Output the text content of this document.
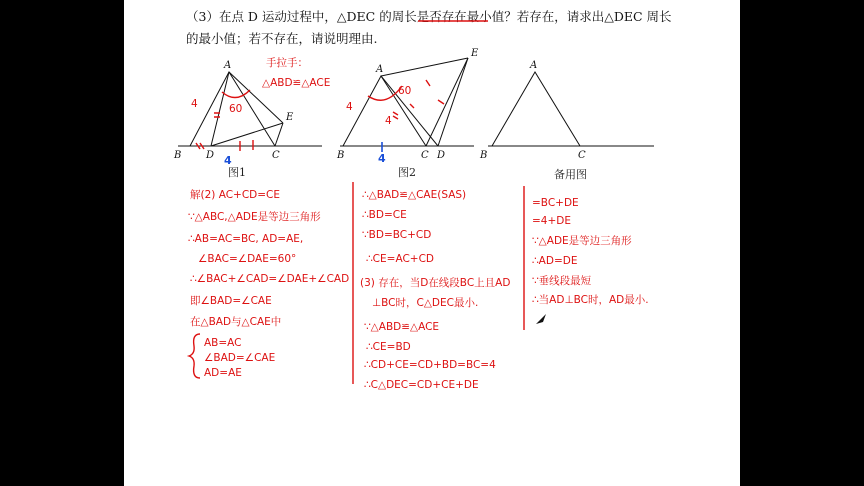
（3）在点 D 运动过程中，△DEC 的周长是否存在最小值？若存在，请求出△DEC 周长
的最小值；若不存在，请说明理由.
A
B	C
D
E
图1
60
4
4
手拉手：
△ABD≌△ACE
A
B	C D
E
图2
60
4
4
4
A
B	C
备用图
解(2) AC+CD=CE
∵△ABC,△ADE是等边三角形
∴AB=AC=BC, AD=AE,
∠BAC=∠DAE=60°
∴∠BAC+∠CAD=∠DAE+∠CAD
即∠BAD=∠CAE
在△BAD与△CAE中
AB=AC
∠BAD=∠CAE
AD=AE
∴△BAD≌△CAE(SAS)
∴BD=CE
∵BD=BC+CD
∴CE=AC+CD
(3) 存在，当D在线段BC上且AD
⊥BC时，C△DEC最小.
∵△ABD≌△ACE
∴CE=BD
∴CD+CE=CD+BD=BC=4
∴C△DEC=CD+CE+DE
=BC+DE
=4+DE
∵△ADE是等边三角形
∴AD=DE
∵垂线段最短
∴当AD⊥BC时，AD最小.
